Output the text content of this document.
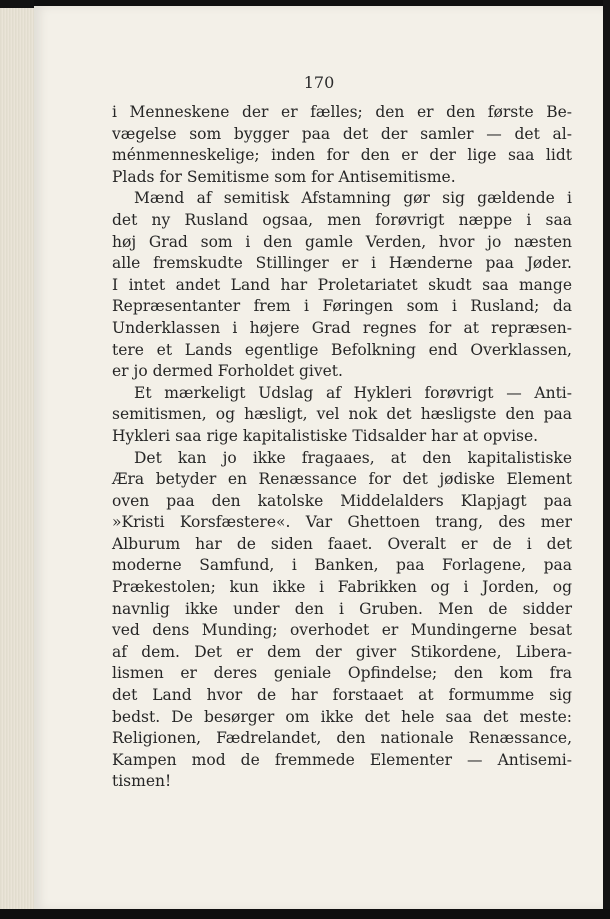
170
i Menneskene der er fælles; den er den første Be-
vægelse som bygger paa det der samler — det al-
ménmenneskelige; inden for den er der lige saa lidt
Plads for Semitisme som for Antisemitisme.
Mænd af semitisk Afstamning gør sig gældende i
det ny Rusland ogsaa, men forøvrigt næppe i saa
høj Grad som i den gamle Verden, hvor jo næsten
alle fremskudte Stillinger er i Hænderne paa Jøder.
I intet andet Land har Proletariatet skudt saa mange
Repræsentanter frem i Føringen som i Rusland; da
Underklassen i højere Grad regnes for at repræsen-
tere et Lands egentlige Befolkning end Overklassen,
er jo dermed Forholdet givet.
Et mærkeligt Udslag af Hykleri forøvrigt — Anti-
semitismen, og hæsligt, vel nok det hæsligste den paa
Hykleri saa rige kapitalistiske Tidsalder har at opvise.
Det kan jo ikke fragaaes, at den kapitalistiske
Æra betyder en Renæssance for det jødiske Element
oven paa den katolske Middelalders Klapjagt paa
»Kristi Korsfæstere«. Var Ghettoen trang, des mer
Alburum har de siden faaet. Overalt er de i det
moderne Samfund, i Banken, paa Forlagene, paa
Prækestolen; kun ikke i Fabrikken og i Jorden, og
navnlig ikke under den i Gruben. Men de sidder
ved dens Munding; overhodet er Mundingerne besat
af dem. Det er dem der giver Stikordene, Libera-
lismen er deres geniale Opfindelse; den kom fra
det Land hvor de har forstaaet at formumme sig
bedst. De besørger om ikke det hele saa det meste:
Religionen, Fædrelandet, den nationale Renæssance,
Kampen mod de fremmede Elementer — Antisemi-
tismen!
